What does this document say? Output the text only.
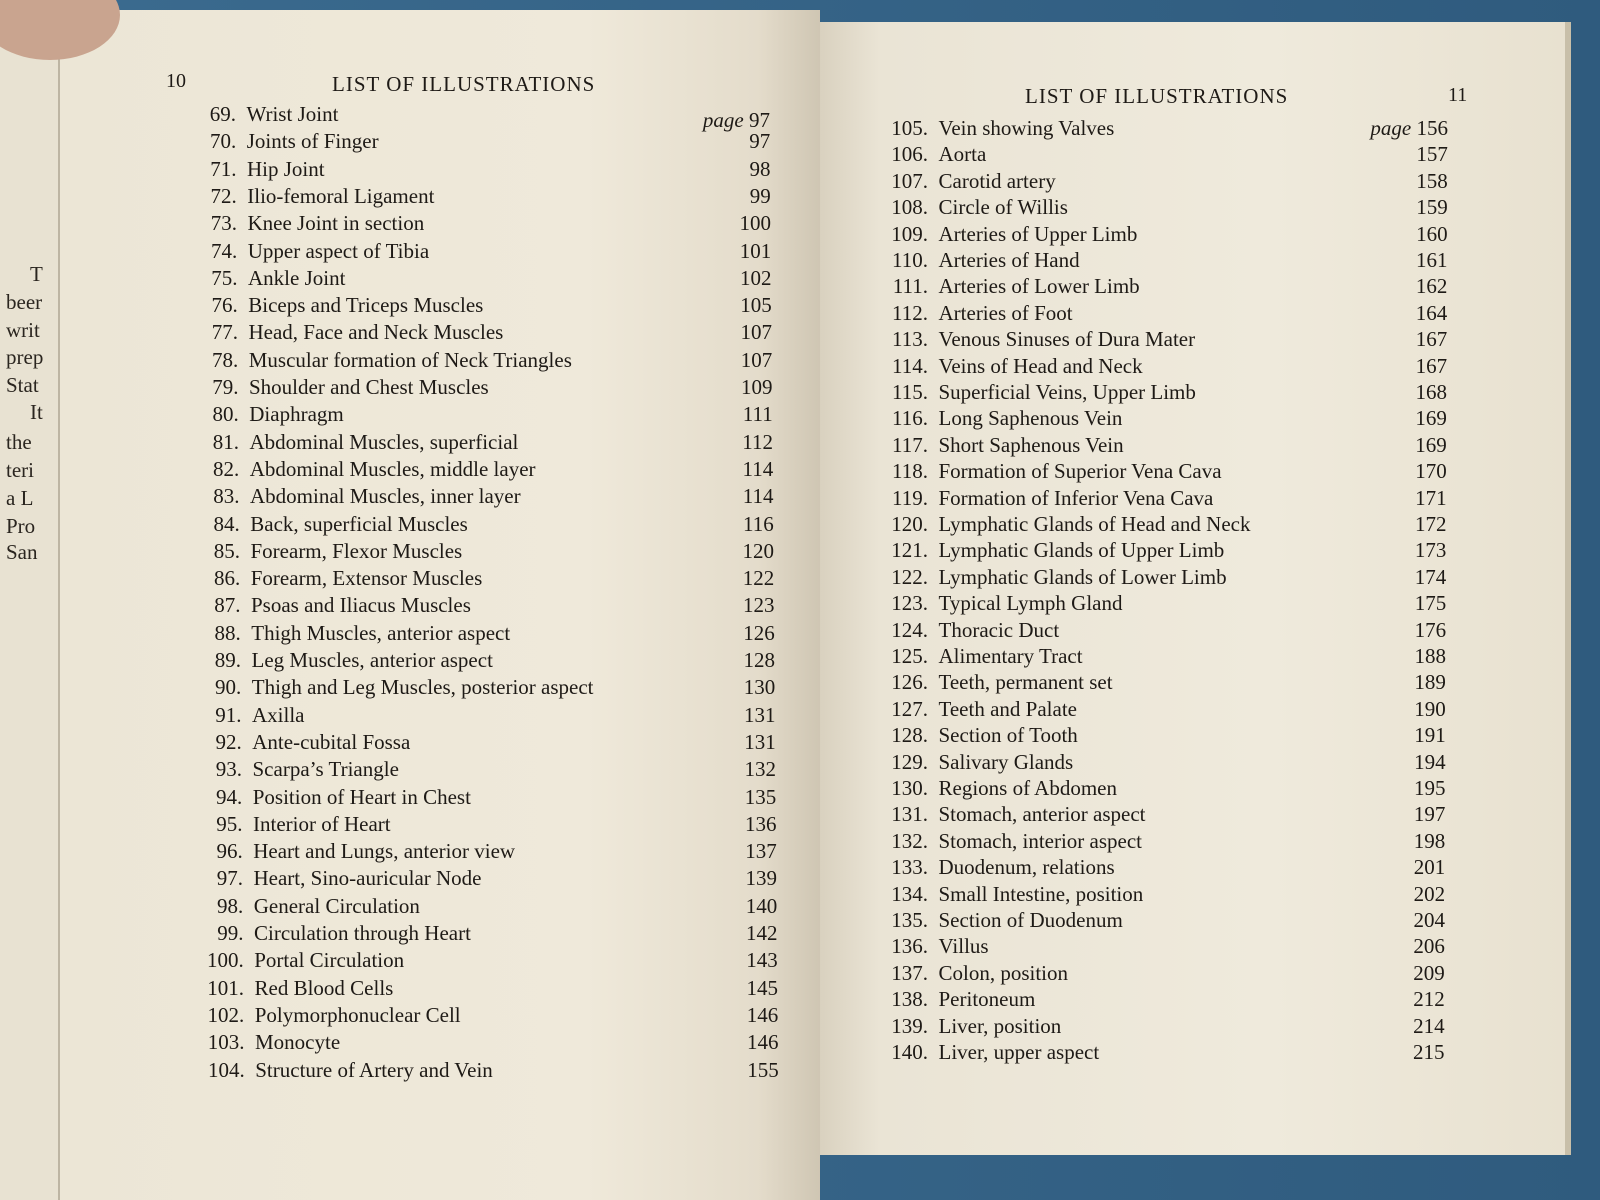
T
beer
writ
prep
Stat
It
the
teri
a L
Pro
San
10	LIST OF ILLUSTRATIONS	LIST OF ILLUSTRATIONS	11
69. Wrist Joint	page 97
70. Joints of Finger	97
71. Hip Joint	98
72. Ilio-femoral Ligament	99
73. Knee Joint in section	100
74. Upper aspect of Tibia	101
75. Ankle Joint	102
76. Biceps and Triceps Muscles	105
77. Head, Face and Neck Muscles	107
78. Muscular formation of Neck Triangles	107
79. Shoulder and Chest Muscles	109
80. Diaphragm	111
81. Abdominal Muscles, superficial	112
82. Abdominal Muscles, middle layer	114
83. Abdominal Muscles, inner layer	114
84. Back, superficial Muscles	116
85. Forearm, Flexor Muscles	120
86. Forearm, Extensor Muscles	122
87. Psoas and Iliacus Muscles	123
88. Thigh Muscles, anterior aspect	126
89. Leg Muscles, anterior aspect	128
90. Thigh and Leg Muscles, posterior aspect	130
91. Axilla	131
92. Ante-cubital Fossa	131
93. Scarpa’s Triangle	132
94. Position of Heart in Chest	135
95. Interior of Heart	136
96. Heart and Lungs, anterior view	137
97. Heart, Sino-auricular Node	139
98. General Circulation	140
99. Circulation through Heart	142
100. Portal Circulation	143
101. Red Blood Cells	145
102. Polymorphonuclear Cell	146
103. Monocyte	146
104. Structure of Artery and Vein	155
105. Vein showing Valves	page 156
106. Aorta	157
107. Carotid artery	158
108. Circle of Willis	159
109. Arteries of Upper Limb	160
110. Arteries of Hand	161
111. Arteries of Lower Limb	162
112. Arteries of Foot	164
113. Venous Sinuses of Dura Mater	167
114. Veins of Head and Neck	167
115. Superficial Veins, Upper Limb	168
116. Long Saphenous Vein	169
117. Short Saphenous Vein	169
118. Formation of Superior Vena Cava	170
119. Formation of Inferior Vena Cava	171
120. Lymphatic Glands of Head and Neck	172
121. Lymphatic Glands of Upper Limb	173
122. Lymphatic Glands of Lower Limb	174
123. Typical Lymph Gland	175
124. Thoracic Duct	176
125. Alimentary Tract	188
126. Teeth, permanent set	189
127. Teeth and Palate	190
128. Section of Tooth	191
129. Salivary Glands	194
130. Regions of Abdomen	195
131. Stomach, anterior aspect	197
132. Stomach, interior aspect	198
133. Duodenum, relations	201
134. Small Intestine, position	202
135. Section of Duodenum	204
136. Villus	206
137. Colon, position	209
138. Peritoneum	212
139. Liver, position	214
140. Liver, upper aspect	215
